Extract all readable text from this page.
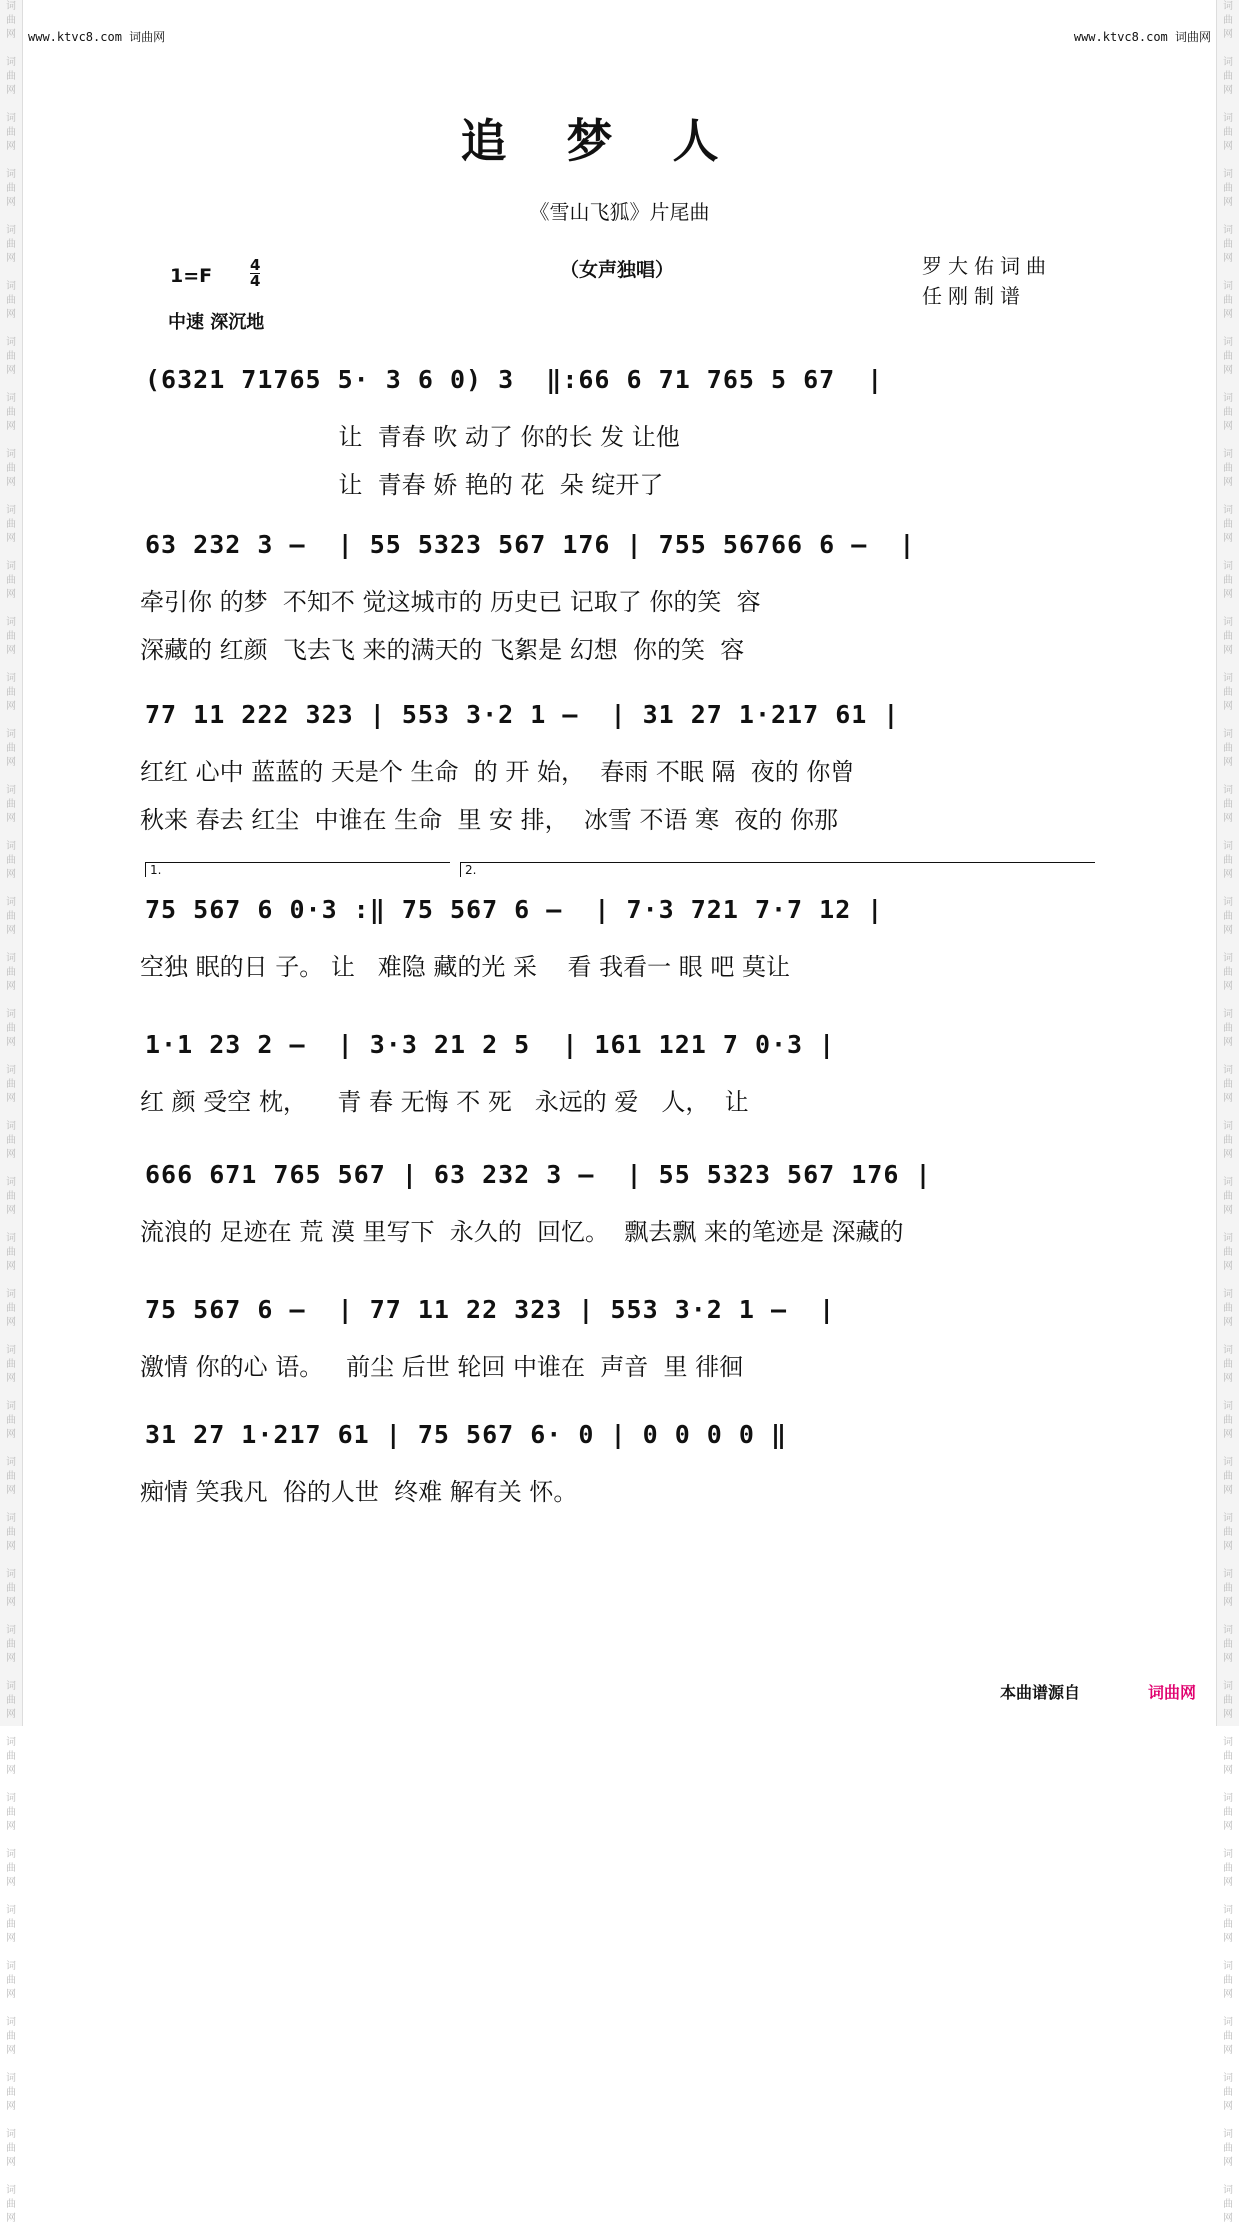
词
曲
网

词
曲
网

词
曲
网

词
曲
网

词
曲
网

词
曲
网

词
曲
网

词
曲
网

词
曲
网

词
曲
网

词
曲
网

词
曲
网

词
曲
网

词
曲
网

词
曲
网

词
曲
网

词
曲
网

词
曲
网

词
曲
网

词
曲
网

词
曲
网

词
曲
网

词
曲
网

词
曲
网

词
曲
网

词
曲
网

词
曲
网

词
曲
网

词
曲
网

词
曲
网

词
曲
网

词
曲
网

词
曲
网

词
曲
网

词
曲
网

词
曲
网

词
曲
网

词
曲
网

词
曲
网

词
曲
网

词
曲
网

词
曲
网

词
曲
网

词
曲
网

词
曲
网

词
曲
网

词
曲
网

词
曲
网

词
曲
网

词
曲
网

词
曲
网

词
曲
网

词
曲
网

词
曲
网

词
曲
网

词
曲
网

词
曲
网

词
曲
网

词
曲
网

词
曲
网

词
曲
网

词
曲
网

词
曲
网

词
曲
网

词
曲
网

词
曲
网

词
曲
网

词
曲
网

词
曲
网

词
曲
网

词
曲
网

词
曲
网

词
曲
网

词
曲
网

词
曲
网

词
曲
网

词
曲
网

词
曲
网

词
曲
网

词
曲
网

www.ktvc8.com 词曲网	www.ktvc8.com 词曲网
追梦人
《雪山飞狐》片尾曲
（女声独唱）	罗大佑词曲
任刚制谱
1=F	4
4
中速 深沉地
1.	2.
(6321 71765 5· 3 6 0) 3  ‖:66 6 71 765 5 67  |
让  青春 吹 动了 你的长 发 让他
让  青春 娇 艳的 花  朵 绽开了
63 232 3 –  | 55 5323 567 176 | 755 56766 6 –  |
牵引你 的梦  不知不 觉这城市的 历史已 记取了 你的笑  容
深藏的 红颜  飞去飞 来的满天的 飞絮是 幻想  你的笑  容
77 11 222 323 | 553 3·2 1 –  | 31 27 1·217 61 |
红红 心中 蓝蓝的 天是个 生命  的 开 始，  春雨 不眠 隔  夜的 你曾
秋来 春去 红尘  中谁在 生命  里 安 排，  冰雪 不语 寒  夜的 你那
75 567 6 0·3 :‖ 75 567 6 –  | 7·3 721 7·7 12 |
空独 眠的日 子。 让   难隐 藏的光 采    看 我看一 眼 吧 莫让
1·1 23 2 –  | 3·3 21 2 5  | 161 121 7 0·3 |
红 颜 受空 枕，    青 春 无悔 不 死   永远的 爱   人，  让
666 671 765 567 | 63 232 3 –  | 55 5323 567 176 |
流浪的 足迹在 荒 漠 里写下  永久的  回忆。  飘去飘 来的笔迹是 深藏的
75 567 6 –  | 77 11 22 323 | 553 3·2 1 –  |
激情 你的心 语。   前尘 后世 轮回 中谁在  声音  里 徘徊
31 27 1·217 61 | 75 567 6· 0 | 0 0 0 0 ‖
痴情 笑我凡  俗的人世  终难 解有关 怀。
本曲谱源自	词曲网
